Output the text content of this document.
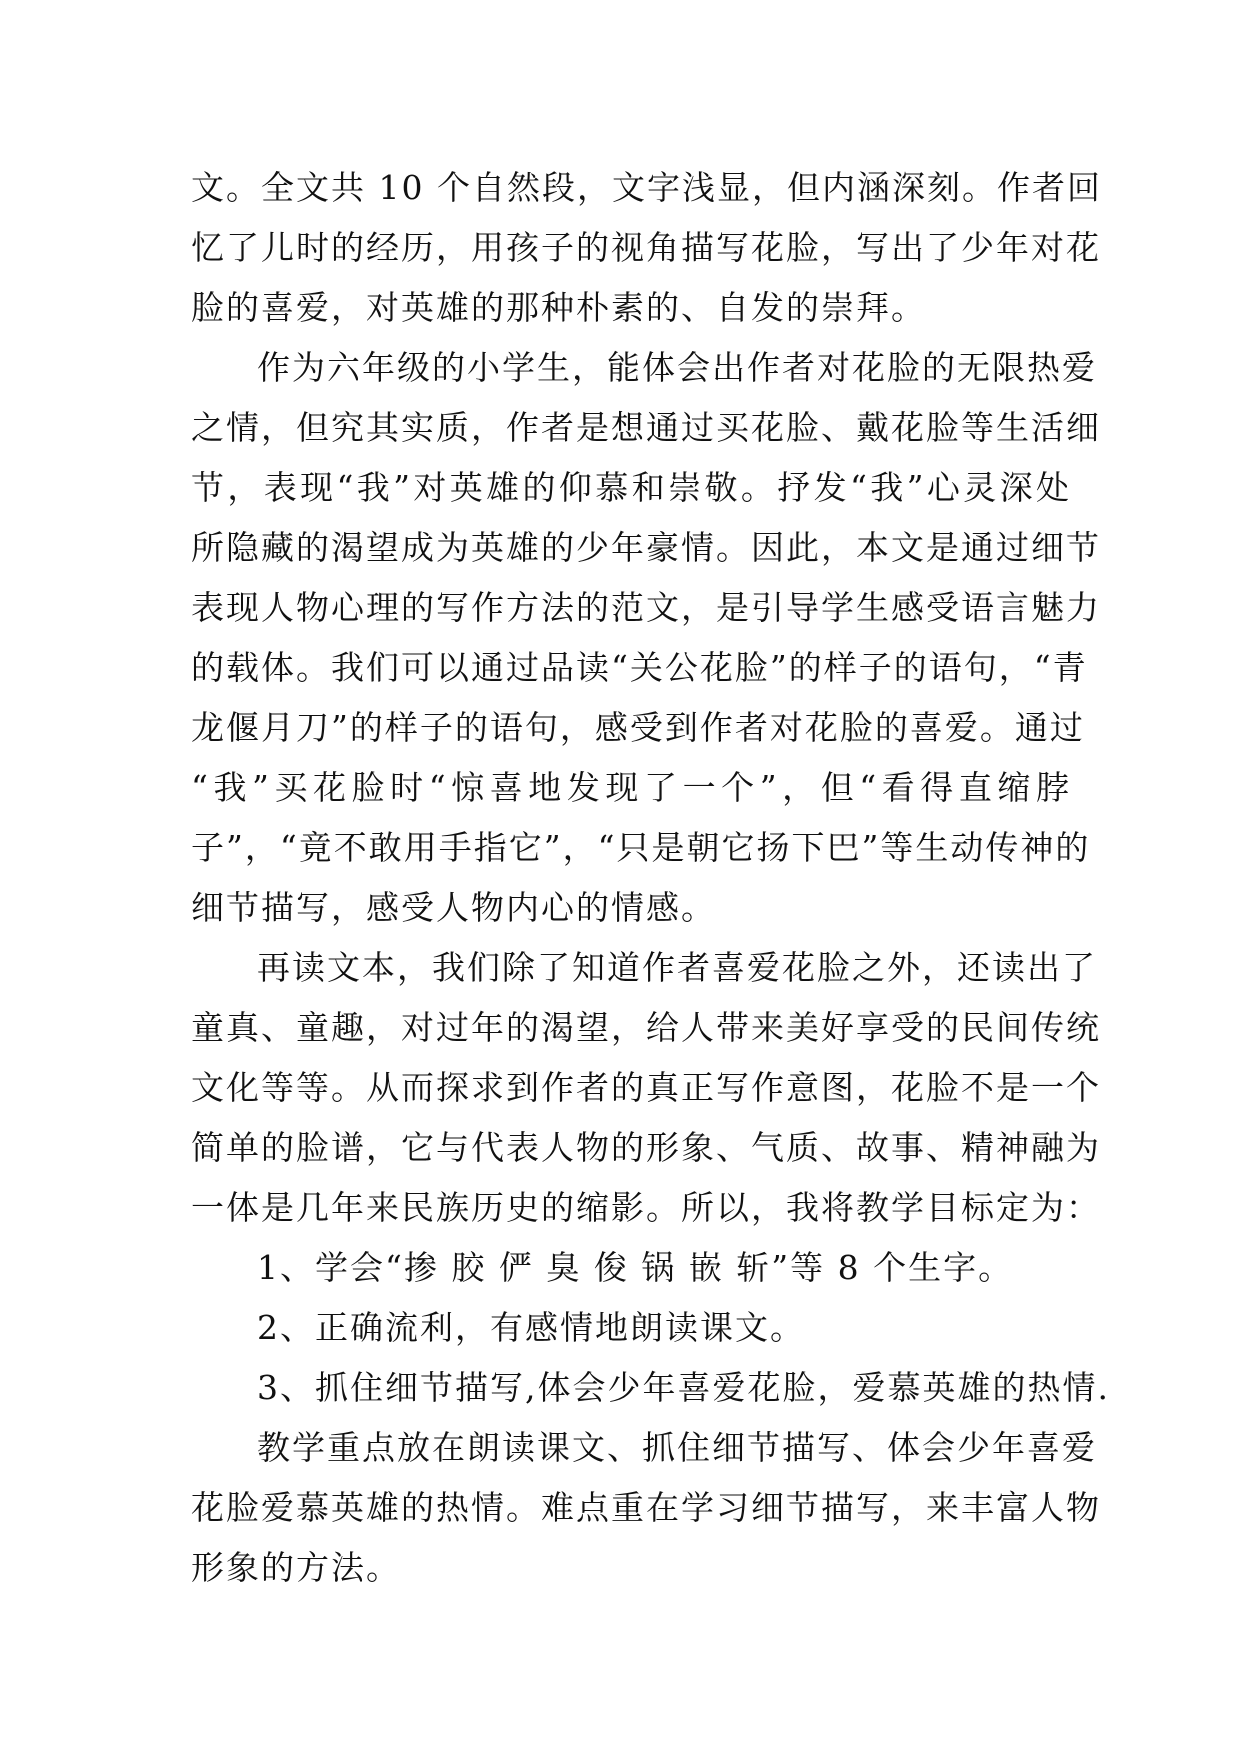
文。全文共 10 个自然段，文字浅显，但内涵深刻。作者回
忆了儿时的经历，用孩子的视角描写花脸，写出了少年对花
脸的喜爱，对英雄的那种朴素的、自发的崇拜。
作为六年级的小学生，能体会出作者对花脸的无限热爱
之情，但究其实质，作者是想通过买花脸、戴花脸等生活细
节，表现“我”对英雄的仰慕和崇敬。抒发“我”心灵深处
所隐藏的渴望成为英雄的少年豪情。因此，本文是通过细节
表现人物心理的写作方法的范文，是引导学生感受语言魅力
的载体。我们可以通过品读“关公花脸”的样子的语句，“青
龙偃月刀”的样子的语句，感受到作者对花脸的喜爱。通过
“我”买花脸时“惊喜地发现了一个”，但“看得直缩脖
子”，“竟不敢用手指它”，“只是朝它扬下巴”等生动传神的
细节描写，感受人物内心的情感。
再读文本，我们除了知道作者喜爱花脸之外，还读出了
童真、童趣，对过年的渴望，给人带来美好享受的民间传统
文化等等。从而探求到作者的真正写作意图，花脸不是一个
简单的脸谱，它与代表人物的形象、气质、故事、精神融为
一体是几年来民族历史的缩影。所以，我将教学目标定为：
1、学会“掺 胶 俨 臭 俊 锅 嵌 斩”等 8 个生字。
2、正确流利，有感情地朗读课文。
3、抓住细节描写,体会少年喜爱花脸，爱慕英雄的热情.
教学重点放在朗读课文、抓住细节描写、体会少年喜爱
花脸爱慕英雄的热情。难点重在学习细节描写，来丰富人物
形象的方法。
